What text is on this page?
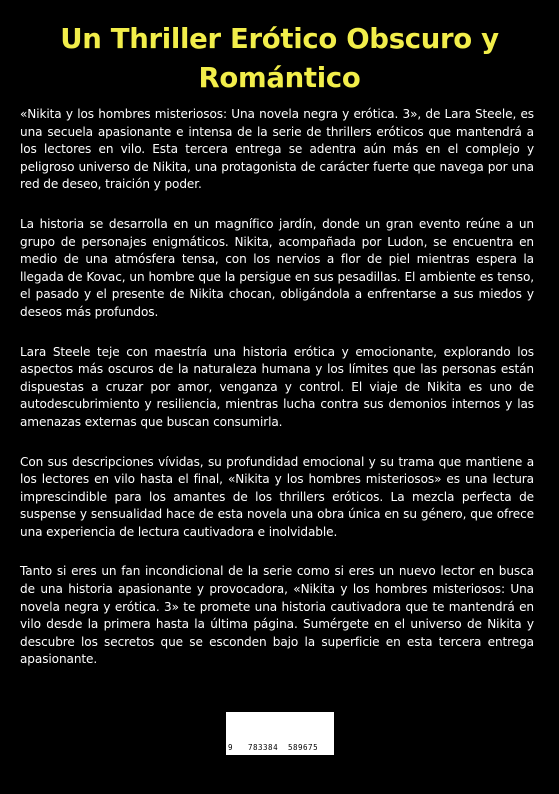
Un Thriller Erótico Obscuro y Romántico

«Nikita y los hombres misteriosos: Una novela negra y erótica. 3», de Lara Steele, es una secuela apasionante e intensa de la serie de thrillers eróticos que mantendrá a los lectores en vilo. Esta tercera entrega se adentra aún más en el complejo y peligroso universo de Nikita, una protagonista de carácter fuerte que navega por una red de deseo, traición y poder.

La historia se desarrolla en un magnífico jardín, donde un gran evento reúne a un grupo de personajes enigmáticos. Nikita, acompañada por Ludon, se encuentra en medio de una atmósfera tensa, con los nervios a flor de piel mientras espera la llegada de Kovac, un hombre que la persigue en sus pesadillas. El ambiente es tenso, el pasado y el presente de Nikita chocan, obligándola a enfrentarse a sus miedos y deseos más profundos.

Lara Steele teje con maestría una historia erótica y emocionante, explorando los aspectos más oscuros de la naturaleza humana y los límites que las personas están dispuestas a cruzar por amor, venganza y control. El viaje de Nikita es uno de autodescubrimiento y resiliencia, mientras lucha contra sus demonios internos y las amenazas externas que buscan consumirla.

Con sus descripciones vívidas, su profundidad emocional y su trama que mantiene a los lectores en vilo hasta el final, «Nikita y los hombres misteriosos» es una lectura imprescindible para los amantes de los thrillers eróticos. La mezcla perfecta de suspense y sensualidad hace de esta novela una obra única en su género, que ofrece una experiencia de lectura cautivadora e inolvidable.

Tanto si eres un fan incondicional de la serie como si eres un nuevo lector en busca de una historia apasionante y provocadora, «Nikita y los hombres misteriosos: Una novela negra y erótica. 3» te promete una historia cautivadora que te mantendrá en vilo desde la primera hasta la última página. Sumérgete en el universo de Nikita y descubre los secretos que se esconden bajo la superficie en esta tercera entrega apasionante.

9

783384

589675
